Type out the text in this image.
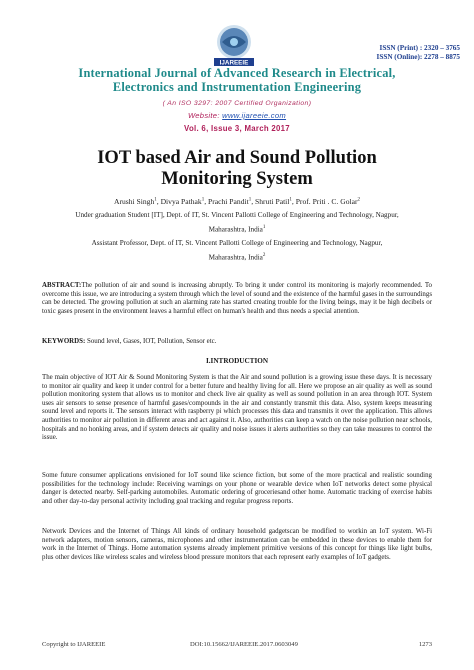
IJAREEIE
ISSN (Print) : 2320 – 3765
ISSN (Online): 2278 – 8875
International Journal of Advanced Research in Electrical,
Electronics and Instrumentation Engineering
( An ISO 3297: 2007 Certified Organization)
Website: www.ijareeie.com
Vol. 6, Issue 3, March 2017
IOT based Air and Sound Pollution
Monitoring System
Arushi Singh$^1$, Divya Pathak$^1$, Prachi Pandit$^1$, Shruti Patil$^1$, Prof. Priti . C. Golar$^2$
Under graduation Student [IT], Dept. of IT, St. Vincent Pallotti College of Engineering and Technology, Nagpur,
Maharashtra, India$^1$
Assistant Professor, Dept. of IT, St. Vincent Pallotti College of Engineering and Technology, Nagpur,
Maharashtra, India$^2$
ABSTRACT:The pollution of air and sound is increasing abruptly. To bring it under control its monitoring is majorly recommended. To overcome this issue, we are introducing a system through which the level of sound and the existence of the harmful gases in the surroundings can be detected. The growing pollution at such an alarming rate has started creating trouble for the living beings, may it be high decibels or toxic gases present in the environment leaves a harmful effect on human's health and thus needs a special attention.
KEYWORDS: Sound level, Gases, IOT, Pollution, Sensor etc.
I.INTRODUCTION
The main objective of IOT Air & Sound Monitoring System is that the Air and sound pollution is a growing issue these days. It is necessary to monitor air quality and keep it under control for a better future and healthy living for all. Here we propose an air quality as well as sound pollution monitoring system that allows us to monitor and check live air quality as well as sound pollution in an area through IOT. System uses air sensors to sense presence of harmful gases/compounds in the air and constantly transmit this data. Also, system keeps measuring sound level and reports it. The sensors interact with raspberry pi which processes this data and transmits it over the application. This allows authorities to monitor air pollution in different areas and act against it. Also, authorities can keep a watch on the noise pollution near schools, hospitals and no honking areas, and if system detects air quality and noise issues it alerts authorities so they can take measures to control the issue.
Some future consumer applications envisioned for IoT sound like science fiction, but some of the more practical and realistic sounding possibilities for the technology include: Receiving warnings on your phone or wearable device when IoT networks detect some physical danger is detected nearby. Self-parking automobiles. Automatic ordering of groceriesand other home. Automatic tracking of exercise habits and other day-to-day personal activity including goal tracking and regular progress reports.
Network Devices and the Internet of Things All kinds of ordinary household gadgetscan be modified to workin an IoT system. Wi-Fi network adapters, motion sensors, cameras, microphones and other instrumentation can be embedded in these devices to enable them for work in the Internet of Things. Home automation systems already implement primitive versions of this concept for things like light bulbs, plus other devices like wireless scales and wireless blood pressure monitors that each represent early examples of IoT gadgets.
Copyright to IJAREEIE	DOI:10.15662/IJAREEIE.2017.0603049	1273
